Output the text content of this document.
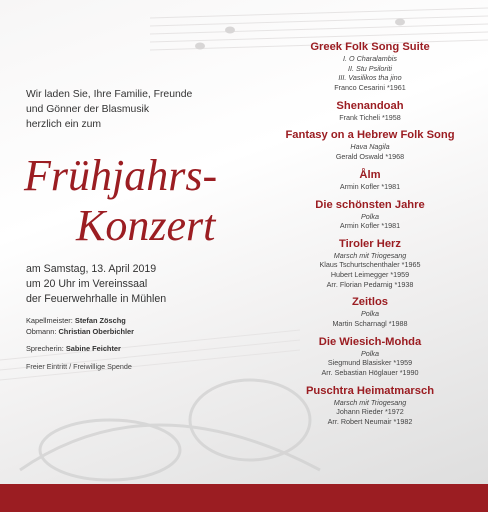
Wir laden Sie, Ihre Familie, Freunde
und Gönner der Blasmusik
herzlich ein zum

Frühjahrs-
Konzert

am Samstag, 13. April 2019
um 20 Uhr im Vereinssaal
der Feuerwehrhalle in Mühlen

Kapellmeister: Stefan Zöschg
Obmann: Christian Oberbichler
Sprecherin: Sabine Feichter
Freier Eintritt / Freiwillige Spende
Greek Folk Song Suite
I. O Charalambis
II. Stu Psiloriti
III. Vasilikos tha jino
Franco Cesarini *1961
Shenandoah
Frank Ticheli *1958
Fantasy on a Hebrew Folk Song
Hava Nagila
Gerald Oswald *1968
Ålm
Armin Kofler *1981
Die schönsten Jahre
Polka
Armin Kofler *1981
Tiroler Herz
Marsch mit Triogesang
Klaus Tschurtschenthaler *1965
Hubert Leimegger *1959
Arr. Florian Pedarnig *1938
Zeitlos
Polka
Martin Scharnagl *1988
Die Wiesich-Mohda
Polka
Siegmund Blasisker *1959
Arr. Sebastian Höglauer *1990
Puschtra Heimatmarsch
Marsch mit Triogesang
Johann Rieder *1972
Arr. Robert Neumair *1982
